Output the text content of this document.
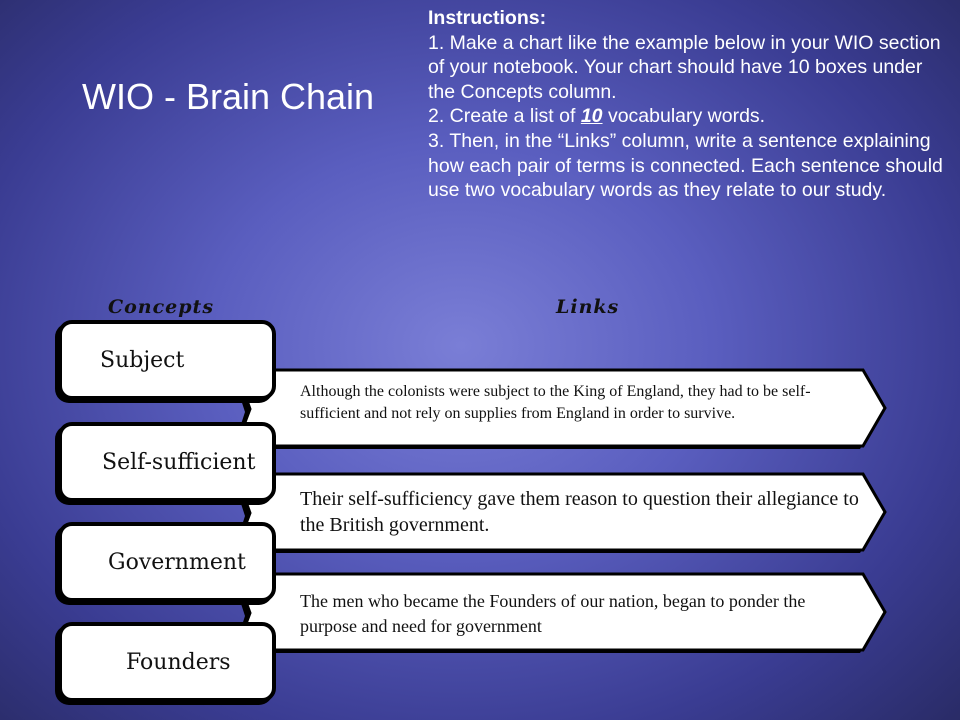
WIO - Brain Chain

Instructions:

1. Make a chart like the example below in your WIO section of your notebook. Your chart should have 10 boxes under the Concepts column.

2. Create a list of 10 vocabulary words.

3. Then, in the “Links” column, write a sentence explaining how each pair of terms is connected. Each sentence should use two vocabulary words as they relate to our study.

Concepts	Links
Subject
Self-sufficient
Government
Founders
Although the colonists were subject to the King of England, they had to be self-sufficient and not rely on supplies from England in order to survive.
Their self-sufficiency gave them reason to question their allegiance to the British government.
The men who became the Founders of our nation, began to ponder the purpose and need for government
